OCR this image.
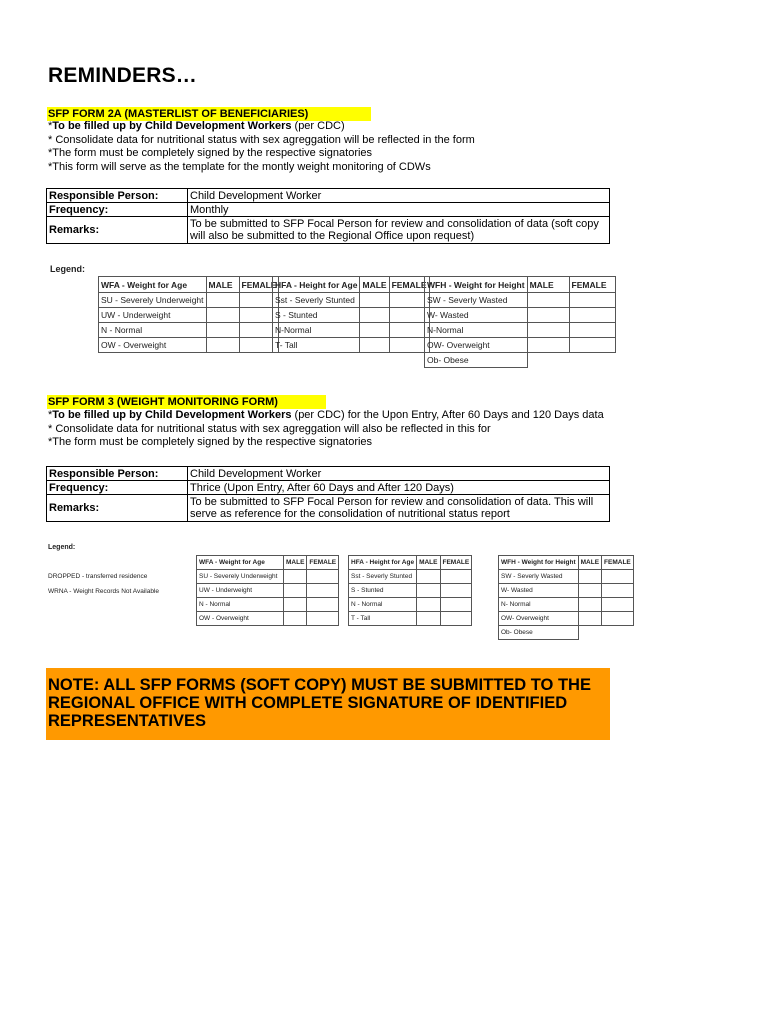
REMINDERS…
SFP FORM 2A (MASTERLIST OF BENEFICIARIES)
*To be filled up by Child Development Workers (per CDC)
* Consolidate data for nutritional status with sex agreggation will be reflected in the form
*The form must be completely signed by the respective signatories
*This form will serve as the template for the montly weight monitoring of CDWs
Responsible Person:	Child Development Worker
Frequency:	Monthly
Remarks:	To be submitted to SFP Focal Person for review and consolidation of data (soft copy will also be submitted to the Regional Office upon request)
Legend:
WFA - Weight for Age	MALE	FEMALE
SU - Severely Underweight		
UW - Underweight		
N - Normal		
OW - Overweight		
HFA - Height for Age	MALE	FEMALE
Sst - Severly Stunted		
S - Stunted		
N-Normal		
T- Tall		
WFH - Weight for Height	MALE	FEMALE
SW - Severly Wasted		
W- Wasted		
N-Normal		
OW- Overweight		
Ob- Obese		
SFP FORM 3 (WEIGHT MONITORING FORM)
*To be filled up by Child Development Workers (per CDC) for the Upon Entry, After 60 Days and 120 Days data
* Consolidate data for nutritional status with sex agreggation will also be reflected in this for
*The form must be completely signed by the respective signatories
Responsible Person:	Child Development Worker
Frequency:	Thrice (Upon Entry, After 60 Days and After 120 Days)
Remarks:	To be submitted to SFP Focal Person for review and consolidation of data. This will serve as reference for the consolidation of nutritional status report
Legend:
DROPPED - transferred residence
WRNA - Weight Records Not Available
WFA - Weight for Age	MALE	FEMALE
SU - Severely Underweight		
UW - Underweight		
N - Normal		
OW - Overweight		
HFA - Height for Age	MALE	FEMALE
Sst - Severly Stunted		
S - Stunted		
N - Normal		
T - Tall		
WFH - Weight for Height	MALE	FEMALE
SW - Severly Wasted		
W- Wasted		
N- Normal		
OW- Overweight		
Ob- Obese		
NOTE: ALL SFP FORMS (SOFT COPY) MUST BE SUBMITTED TO THE REGIONAL OFFICE WITH COMPLETE SIGNATURE OF IDENTIFIED REPRESENTATIVES
